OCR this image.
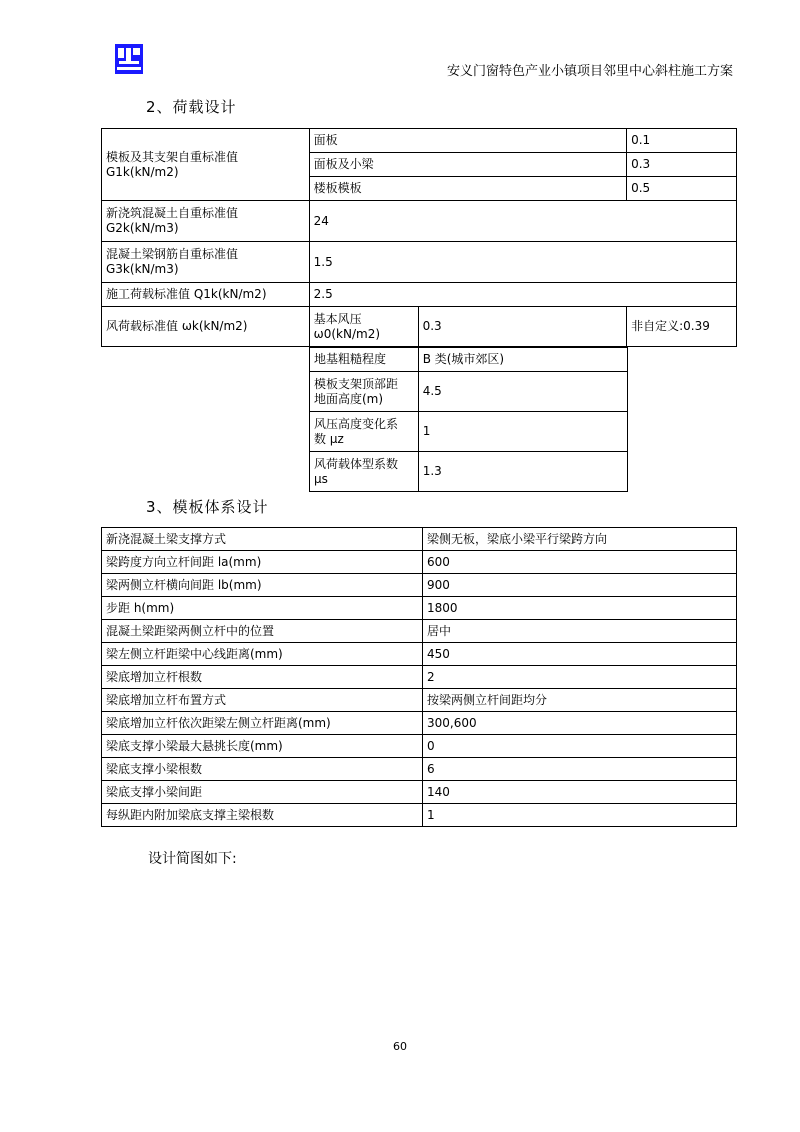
安义门窗特色产业小镇项目邻里中心斜柱施工方案
2、荷载设计
模板及其支架自重标准值
G1k(kN/m2)	面板		0.1
	面板及小梁		0.3
	楼板模板		0.5
新浇筑混凝土自重标准值
G2k(kN/m3)	24		
混凝土梁钢筋自重标准值
G3k(kN/m3)	1.5		
施工荷载标准值 Q1k(kN/m2)	2.5		
风荷载标准值 ωk(kN/m2)	基本风压
ω0(kN/m2)	0.3	非自定义:0.39
地基粗糙程度	B 类(城市郊区)
模板支架顶部距
地面高度(m)	4.5
风压高度变化系
数 μz	1
风荷载体型系数
μs	1.3
3、模板体系设计
新浇混凝土梁支撑方式	梁侧无板，梁底小梁平行梁跨方向
梁跨度方向立杆间距 la(mm)	600
梁两侧立杆横向间距 lb(mm)	900
步距 h(mm)	1800
混凝土梁距梁两侧立杆中的位置	居中
梁左侧立杆距梁中心线距离(mm)	450
梁底增加立杆根数	2
梁底增加立杆布置方式	按梁两侧立杆间距均分
梁底增加立杆依次距梁左侧立杆距离(mm)	300,600
梁底支撑小梁最大悬挑长度(mm)	0
梁底支撑小梁根数	6
梁底支撑小梁间距	140
每纵距内附加梁底支撑主梁根数	1
设计简图如下:
60
